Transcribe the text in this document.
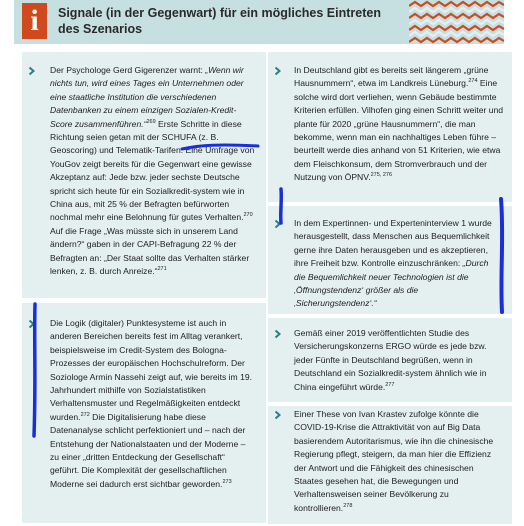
i	Signale (in der Gegenwart) für ein mögliches Eintreten des Szenarios
Der Psychologe Gerd Gigerenzer warnt: „Wenn wir nichts tun, wird eines Tages ein Unternehmen oder eine staatliche Institution die verschiedenen Datenbanken zu einem einzigen Sozialen-Kredit-Score zusammenführen.“$^{269}$ Erste Schritte in diese Richtung seien getan mit der SCHUFA (z. B. Geoscoring) und Telematik-Tarifen. Eine Umfrage von YouGov zeigt bereits für die Gegenwart eine gewisse Akzeptanz auf: Jede bzw. jeder sechste Deutsche spricht sich heute für ein Sozialkredit-system wie in China aus, mit 25 % der Befragten befürworten nochmal mehr eine Belohnung für gutes Verhalten.$^{270}$ Auf die Frage „Was müsste sich in unserem Land ändern?“ gaben in der CAPI-Befragung 22 % der Befragten an: „Der Staat sollte das Verhalten stärker lenken, z. B. durch Anreize.“$^{271}$
Die Logik (digitaler) Punktesysteme ist auch in anderen Bereichen bereits fest im Alltag verankert, beispielsweise im Credit-System des Bologna-Prozesses der europäischen Hochschulreform. Der Soziologe Armin Nassehi zeigt auf, wie bereits im 19. Jahrhundert mithilfe von Sozialstatistiken Verhaltensmuster und Regelmäßigkeiten entdeckt wurden.$^{272}$ Die Digitalisierung habe diese Datenanalyse schlicht perfektioniert und – nach der Entstehung der Nationalstaaten und der Moderne – zu einer „dritten Entdeckung der Gesellschaft“ geführt. Die Komplexität der gesellschaftlichen Moderne sei dadurch erst sichtbar geworden.$^{273}$
In Deutschland gibt es bereits seit längerem „grüne Hausnummern“, etwa im Landkreis Lüneburg.$^{274}$ Eine solche wird dort verliehen, wenn Gebäude bestimmte Kriterien erfüllen. Vilhofen ging einen Schritt weiter und plante für 2020 „grüne Hausnummern“, die man bekomme, wenn man ein nachhaltiges Leben führe – beurteilt werde dies anhand von 51 Kriterien, wie etwa dem Fleischkonsum, dem Stromverbrauch und der Nutzung von ÖPNV.$^{275, 276}$
In dem Expertinnen- und Experteninterview 1 wurde herausgestellt, dass Menschen aus Bequemlichkeit gerne ihre Daten herausgeben und es akzeptieren, ihre Freiheit bzw. Kontrolle einzuschränken: „Durch die Bequemlichkeit neuer Technologien ist die ‚Öffnungstendenz‘ größer als die ‚Sicherungstendenz‘.“
Gemäß einer 2019 veröffentlichten Studie des Versicherungskonzerns ERGO würde es jede bzw. jeder Fünfte in Deutschland begrüßen, wenn in Deutschland ein Sozialkredit-system ähnlich wie in China eingeführt würde.$^{277}$
Einer These von Ivan Krastev zufolge könnte die COVID-19-Krise die Attraktivität von auf Big Data basierendem Autoritarismus, wie ihn die chinesische Regierung pflegt, steigern, da man hier die Effizienz der Antwort und die Fähigkeit des chinesischen Staates gesehen hat, die Bewegungen und Verhaltensweisen seiner Bevölkerung zu kontrollieren.$^{278}$
